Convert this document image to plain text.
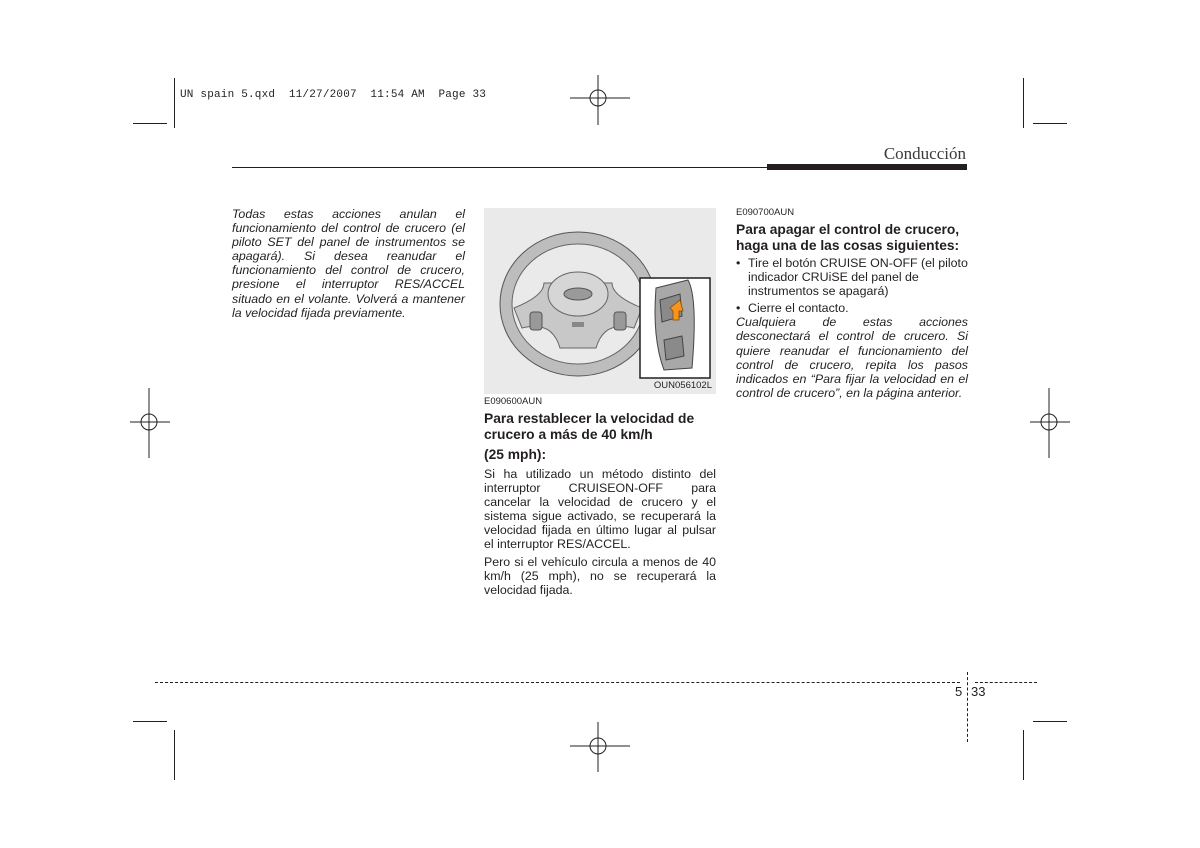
UN spain 5.qxd  11/27/2007  11:54 AM  Page 33
Conducción
Todas estas acciones anulan el funcionamiento del control de crucero (el piloto SET del panel de instrumentos se apagará). Si desea reanudar el funcionamiento del control de crucero, presione el interruptor RES/ACCEL situado en el volante. Volverá a mantener la velocidad fijada previamente.
OUN056102L
E090600AUN
Para restablecer la velocidad de crucero a más de 40 km/h
(25 mph):
Si ha utilizado un método distinto del interruptor CRUISEON-OFF para cancelar la velocidad de crucero y el sistema sigue activado, se recuperará la velocidad fijada en último lugar al pulsar el interruptor RES/ACCEL.
Pero si el vehículo circula a menos de 40 km/h (25 mph), no se recuperará la velocidad fijada.
E090700AUN
Para apagar el control de crucero, haga una de las cosas siguientes:
• Tire el botón CRUISE ON-OFF (el piloto indicador CRUiSE del panel de instrumentos se apagará)
• Cierre el contacto.
Cualquiera de estas acciones desconectará el control de crucero. Si quiere reanudar el funcionamiento del control de crucero, repita los pasos indicados en “Para fijar la velocidad en el control de crucero”, en la página anterior.
5 33
